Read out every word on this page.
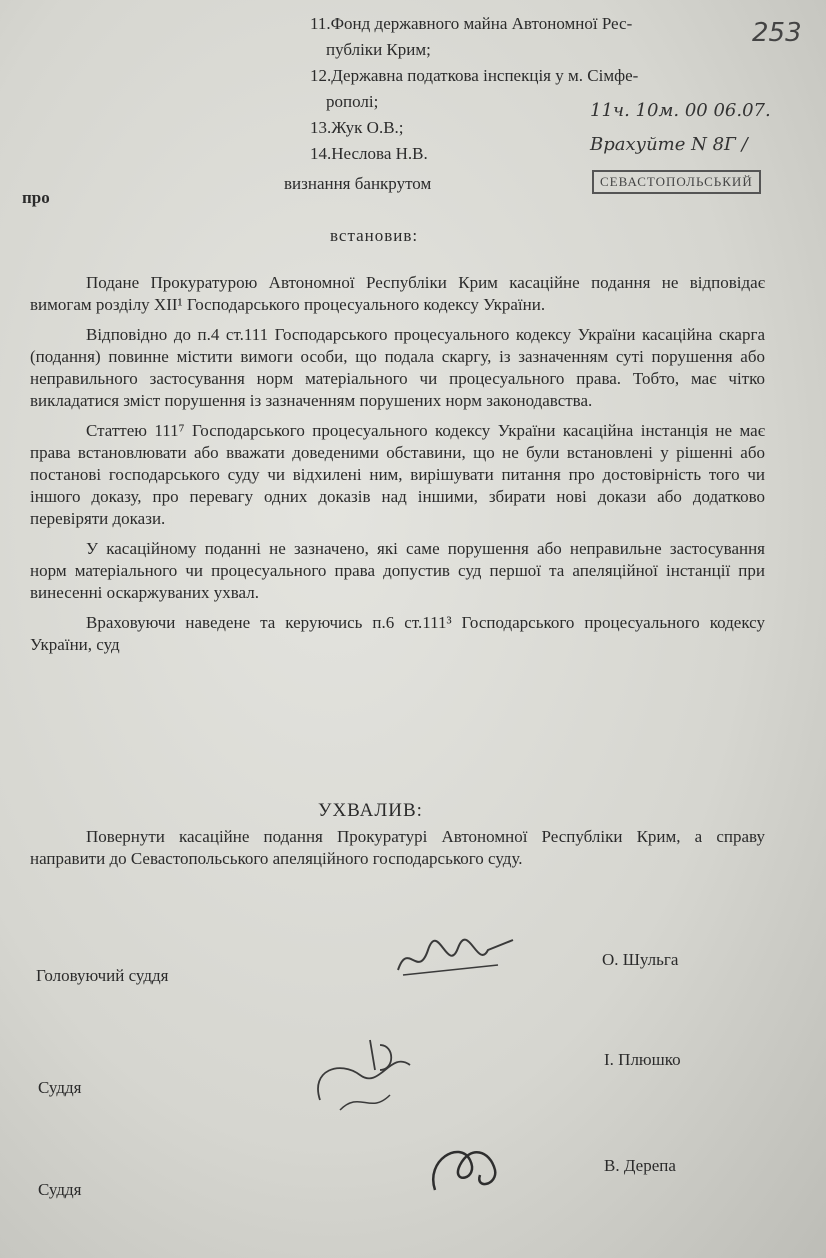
253
11.Фонд державного майна Автономної Рес-
публіки Крим;
12.Державна податкова інспекція у м. Сімфе-
рополі;
13.Жук О.В.;
14.Неслова Н.В.
11ч. 10м. 00 06.07.
Врахуйте N 8Г /
СЕВАСТОПОЛЬСЬКИЙ
про
визнання банкрутом
встановив:

Подане Прокуратурою Автономної Республіки Крим касаційне подання не відповідає вимогам розділу XII¹ Господарського процесуального кодексу України.

Відповідно до п.4 ст.111 Господарського процесуального кодексу України касаційна скарга (подання) повинне містити вимоги особи, що подала скаргу, із зазначенням суті порушення або неправильного застосування норм матеріального чи процесуального права. Тобто, має чітко викладатися зміст порушення із зазначенням порушених норм законодавства.

Статтею 111⁷ Господарського процесуального кодексу України касаційна інстанція не має права встановлювати або вважати доведеними обставини, що не були встановлені у рішенні або постанові господарського суду чи відхилені ним, вирішувати питання про достовірність того чи іншого доказу, про перевагу одних доказів над іншими, збирати нові докази або додатково перевіряти докази.

У касаційному поданні не зазначено, які саме порушення або неправильне застосування норм матеріального чи процесуального права допустив суд першої та апеляційної інстанції при винесенні оскаржуваних ухвал.

Враховуючи наведене та керуючись п.6 ст.111³ Господарського процесуального кодексу України, суд

УХВАЛИВ:

Повернути касаційне подання Прокуратурі Автономної Республіки Крим, а справу направити до Севастопольського апеляційного господарського суду.

Головуючий суддя
О. Шульга
Суддя
І. Плюшко
Суддя
В. Дерепа
